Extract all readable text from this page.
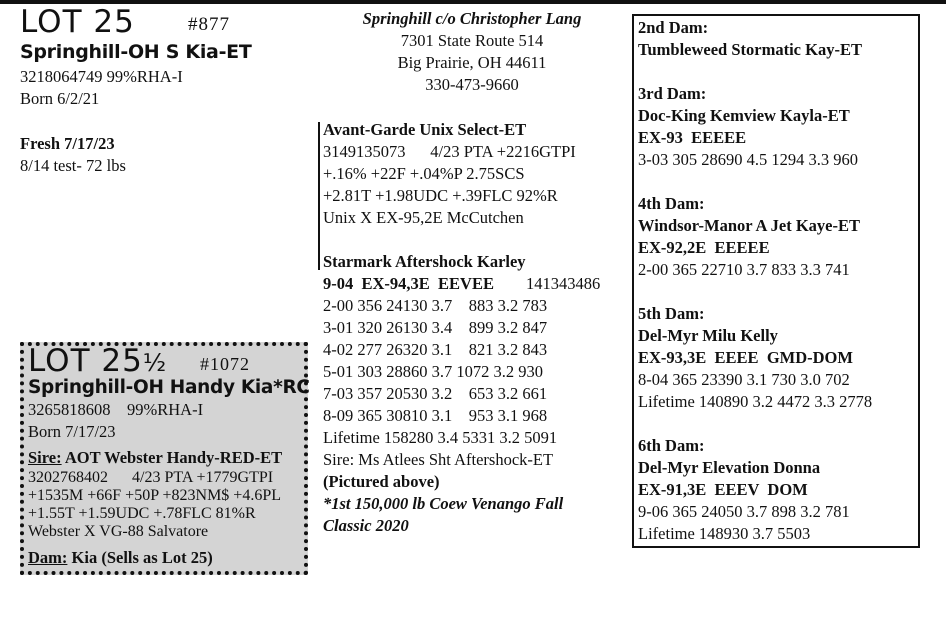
LOT 25	#877
Springhill-OH S Kia-ET
3218064749 99%RHA-I
Born 6/2/21
Fresh 7/17/23
8/14 test- 72 lbs
Springhill c/o Christopher Lang
7301 State Route 514
Big Prairie, OH 44611
330-473-9660
Avant-Garde Unix Select-ET
3149135073      4/23 PTA +2216GTPI
+.16% +22F +.04%P 2.75SCS
+2.81T +1.98UDC +.39FLC 92%R
Unix X EX-95,2E McCutchen
Starmark Aftershock Karley
9-04  EX-94,3E  EEVEE 141343486
2-00 356 24130 3.7    883 3.2 783
3-01 320 26130 3.4    899 3.2 847
4-02 277 26320 3.1    821 3.2 843
5-01 303 28860 3.7 1072 3.2 930
7-03 357 20530 3.2    653 3.2 661
8-09 365 30810 3.1    953 3.1 968
Lifetime 158280 3.4 5331 3.2 5091
Sire: Ms Atlees Sht Aftershock-ET
(Pictured above)
*1st 150,000 lb Coew Venango Fall
Classic 2020
2nd Dam:
Tumbleweed Stormatic Kay-ET
3rd Dam:
Doc-King Kemview Kayla-ET
EX-93  EEEEE
3-03 305 28690 4.5 1294 3.3 960
4th Dam:
Windsor-Manor A Jet Kaye-ET
EX-92,2E  EEEEE
2-00 365 22710 3.7 833 3.3 741
5th Dam:
Del-Myr Milu Kelly
EX-93,3E  EEEE  GMD-DOM
8-04 365 23390 3.1 730 3.0 702
Lifetime 140890 3.2 4472 3.3 2778
6th Dam:
Del-Myr Elevation Donna
EX-91,3E  EEEV  DOM
9-06 365 24050 3.7 898 3.2 781
Lifetime 148930 3.7 5503
LOT 25½ #1072
Springhill-OH Handy Kia*RC
3265818608    99%RHA-I
Born 7/17/23
Sire: AOT Webster Handy-RED-ET
3202768402      4/23 PTA +1779GTPI
+1535M +66F +50P +823NM$ +4.6PL
+1.55T +1.59UDC +.78FLC 81%R
Webster X VG-88 Salvatore
Dam: Kia (Sells as Lot 25)
